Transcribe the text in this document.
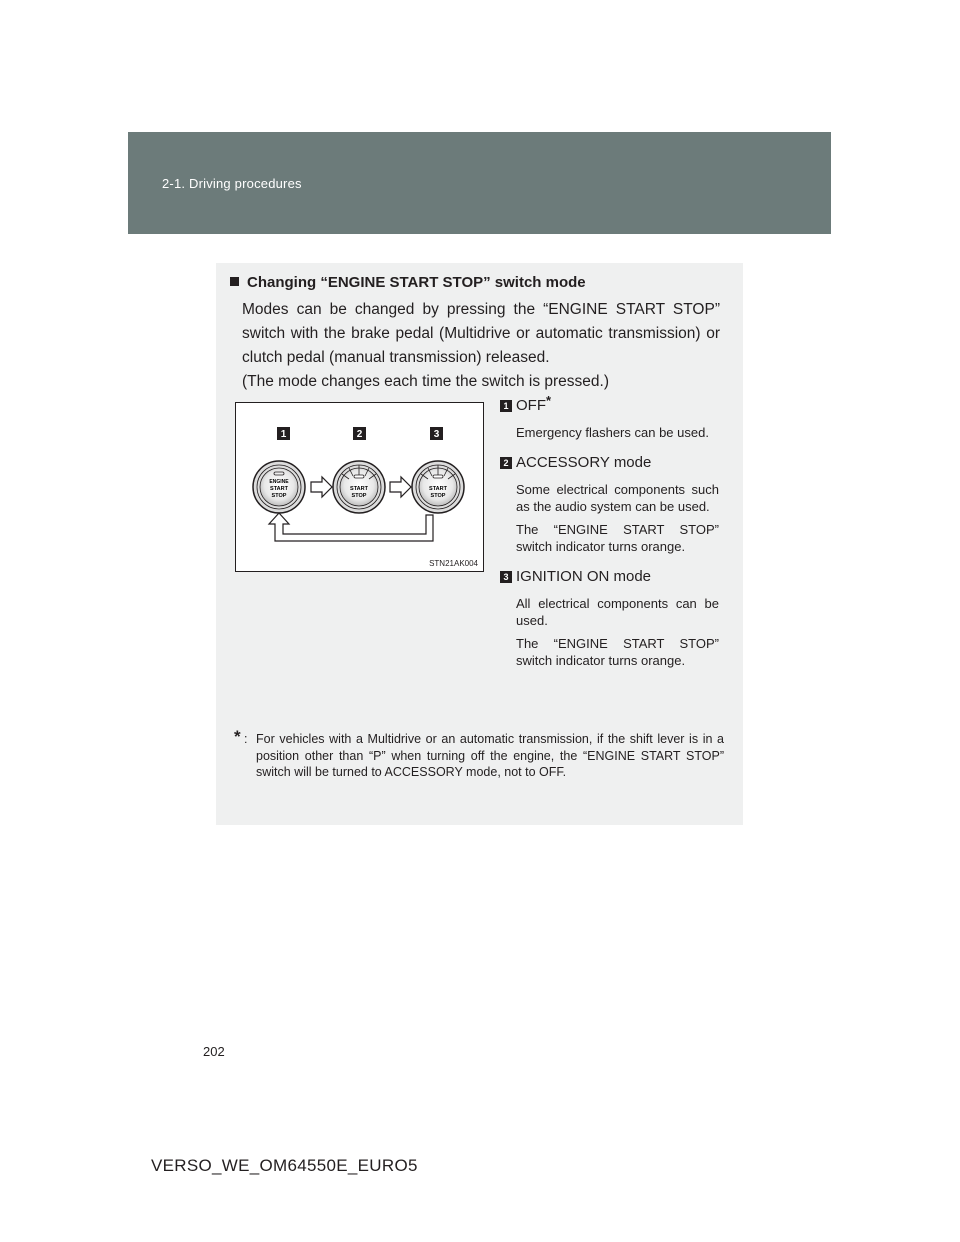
2-1. Driving procedures
Changing “ENGINE START STOP” switch mode

Modes can be changed by pressing the “ENGINE START STOP” switch with the brake pedal (Multidrive or automatic transmission) or clutch pedal (manual transmission) released.

(The mode changes each time the switch is pressed.)

1	2	3
ENGINE
START
STOP
START
STOP
START
STOP
STN21AK004
1 OFF*

Emergency flashers can be used.

2 ACCESSORY mode

Some electrical components such as the audio system can be used.

The “ENGINE START STOP” switch indicator turns orange.

3 IGNITION ON mode

All electrical components can be used.

The “ENGINE START STOP” switch indicator turns orange.

* : For vehicles with a Multidrive or an automatic transmission, if the shift lever is in a position other than “P” when turning off the engine, the “ENGINE START STOP” switch will be turned to ACCESSORY mode, not to OFF.
202
VERSO_WE_OM64550E_EURO5
